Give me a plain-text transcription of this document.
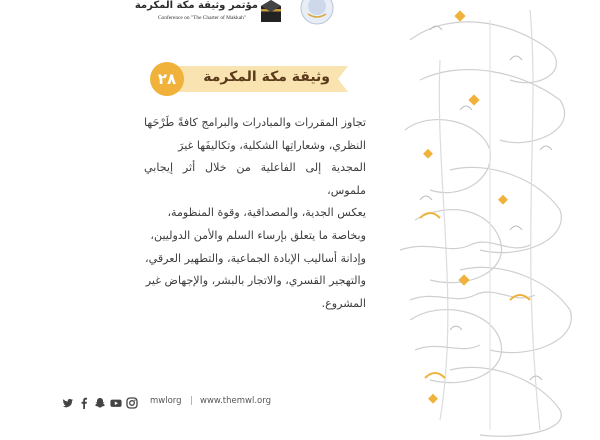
مؤتمر وثيقة مكة المكرمة
Conference on "The Charter of Makkah"
وثيقة مكة المكرمة
٢٨
تجاوز المقررات والمبادرات والبرامج كافةً طَرْحَها
النظري، وشعاراتِها الشكلية، وتكاليفَها غيرَ
المجدية إلى الفاعلية من خلال أثر إيجابي ملموس،
يعكس الجدية، والمصداقية، وقوة المنظومة،
وبخاصة ما يتعلق بإرساء السلم والأمن الدوليين،
وإدانة أساليب الإبادة الجماعية، والتطهير العرقي،
والتهجير القسري، والاتجار بالبشر، والإجهاض غير
المشروع.
mwlorg | www.themwl.org
